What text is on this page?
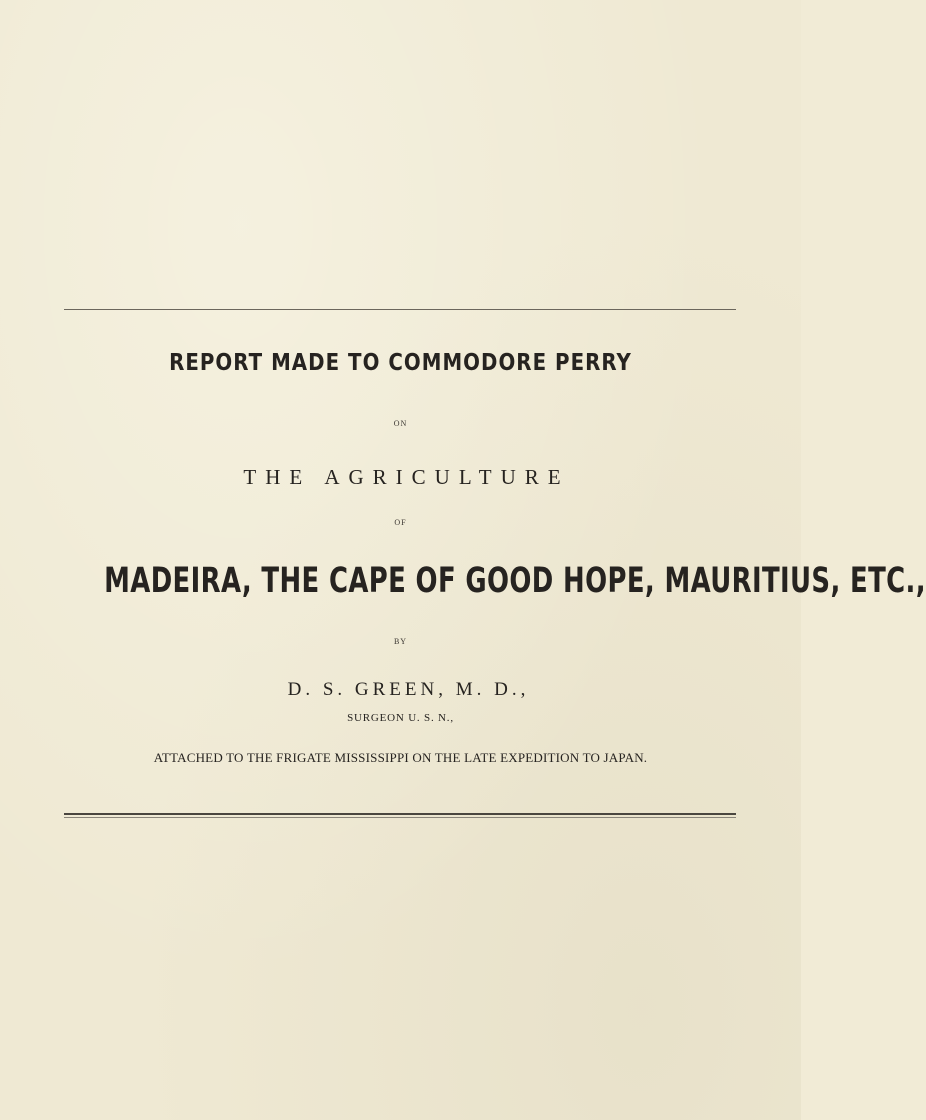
REPORT MADE TO COMMODORE PERRY
ON
THE AGRICULTURE
OF
MADEIRA, THE CAPE OF GOOD HOPE, MAURITIUS, ETC.,
BY
D. S. GREEN, M. D.,
SURGEON U. S. N.,
ATTACHED TO THE FRIGATE MISSISSIPPI ON THE LATE EXPEDITION TO JAPAN.
